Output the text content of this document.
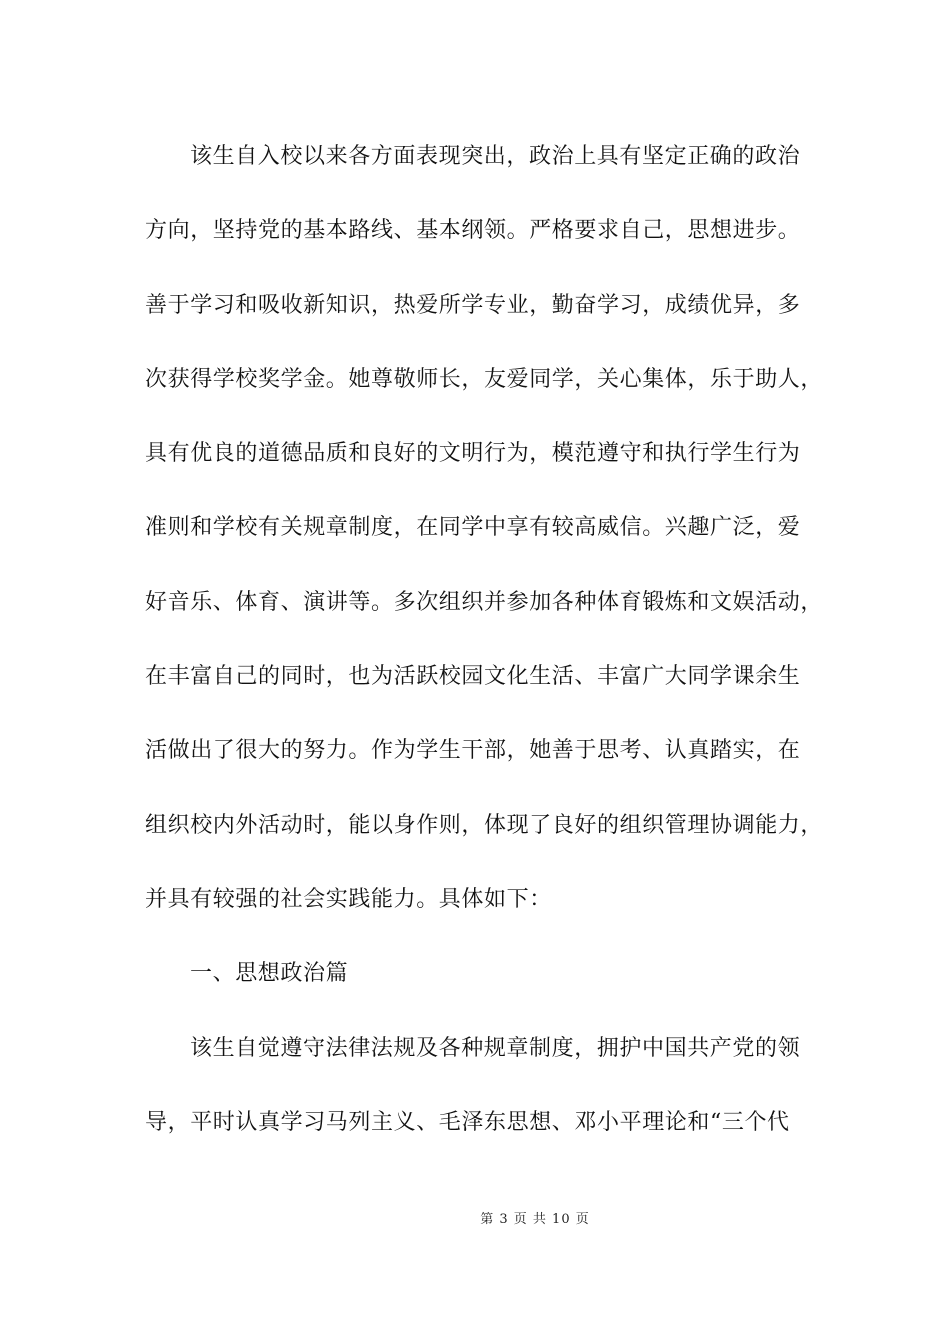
该生自入校以来各方面表现突出，政治上具有坚定正确的政治
方向，坚持党的基本路线、基本纲领。严格要求自己，思想进步。
善于学习和吸收新知识，热爱所学专业，勤奋学习，成绩优异，多
次获得学校奖学金。她尊敬师长，友爱同学，关心集体，乐于助人，
具有优良的道德品质和良好的文明行为，模范遵守和执行学生行为
准则和学校有关规章制度，在同学中享有较高威信。兴趣广泛，爱
好音乐、体育、演讲等。多次组织并参加各种体育锻炼和文娱活动，
在丰富自己的同时，也为活跃校园文化生活、丰富广大同学课余生
活做出了很大的努力。作为学生干部，她善于思考、认真踏实，在
组织校内外活动时，能以身作则，体现了良好的组织管理协调能力，
并具有较强的社会实践能力。具体如下：
一、思想政治篇
该生自觉遵守法律法规及各种规章制度，拥护中国共产党的领
导，平时认真学习马列主义、毛泽东思想、邓小平理论和“三个代
第 3 页 共 10 页
